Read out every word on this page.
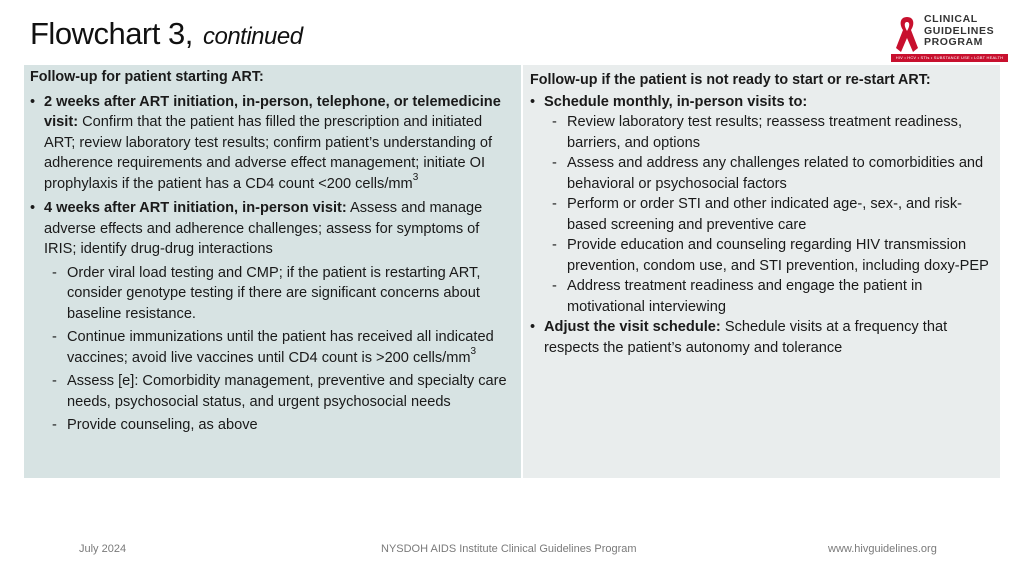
Flowchart 3, continued
CLINICAL
GUIDELINES
PROGRAM
HIV • HCV • STIs • SUBSTANCE USE • LGBT HEALTH
Follow-up for patient starting ART:
• 2 weeks after ART initiation, in-person, telephone, or telemedicine visit: Confirm that the patient has filled the prescription and initiated ART; review laboratory test results; confirm patient’s understanding of adherence requirements and adverse effect management; initiate OI prophylaxis if the patient has a CD4 count <200 cells/$mm^3$
• 4 weeks after ART initiation, in-person visit: Assess and manage adverse effects and adherence challenges; assess for symptoms of IRIS; identify drug-drug interactions
- Order viral load testing and CMP; if the patient is restarting ART, consider genotype testing if there are significant concerns about baseline resistance.
- Continue immunizations until the patient has received all indicated vaccines; avoid live vaccines until CD4 count is >200 cells/$mm^3$
- Assess [e]: Comorbidity management, preventive and specialty care needs, psychosocial status, and urgent psychosocial needs
- Provide counseling, as above
Follow-up if the patient is not ready to start or re-start ART:
• Schedule monthly, in-person visits to:
- Review laboratory test results; reassess treatment readiness, barriers, and options
- Assess and address any challenges related to comorbidities and behavioral or psychosocial factors
- Perform or order STI and other indicated age-, sex-, and risk-based screening and preventive care
- Provide education and counseling regarding HIV transmission prevention, condom use, and STI prevention, including doxy-PEP
- Address treatment readiness and engage the patient in motivational interviewing
• Adjust the visit schedule: Schedule visits at a frequency that respects the patient’s autonomy and tolerance
July 2024	NYSDOH AIDS Institute Clinical Guidelines Program	www.hivguidelines.org
